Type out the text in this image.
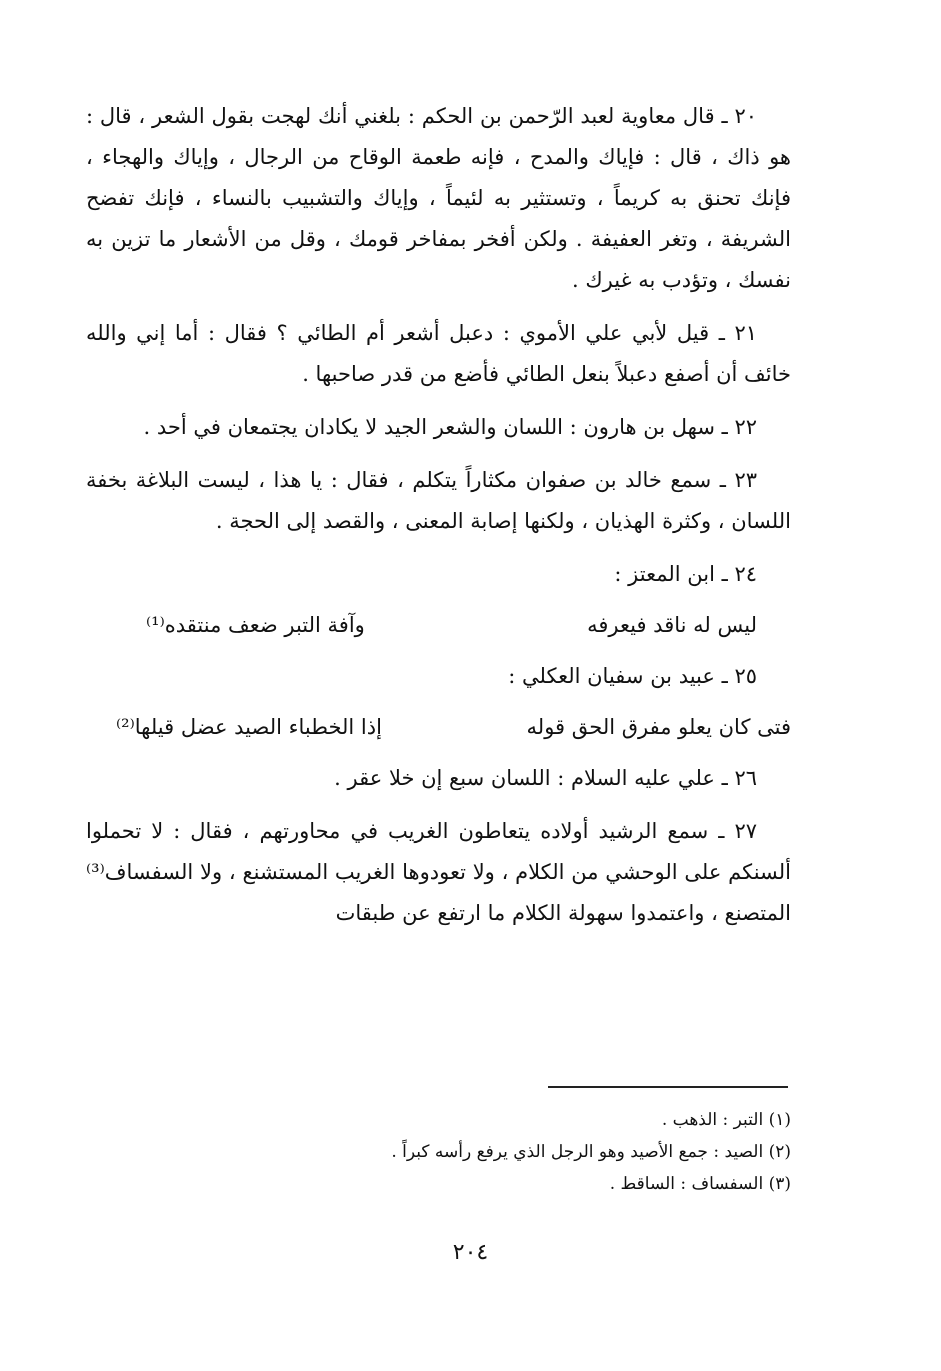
٢٠ ـ قال معاوية لعبد الرّحمن بن الحكم : بلغني أنك لهجت بقول الشعر ، قال : هو ذاك ، قال : فإياك والمدح ، فإنه طعمة الوقاح من الرجال ، وإياك والهجاء ، فإنك تحنق به كريماً ، وتستثير به لئيماً ، وإياك والتشبيب بالنساء ، فإنك تفضح الشريفة ، وتغر العفيفة . ولكن أفخر بمفاخر قومك ، وقل من الأشعار ما تزين به نفسك ، وتؤدب به غيرك .

٢١ ـ قيل لأبي علي الأموي : دعبل أشعر أم الطائي ؟ فقال : أما إني والله خائف أن أصفع دعبلاً بنعل الطائي فأضع من قدر صاحبها .

٢٢ ـ سهل بن هارون : اللسان والشعر الجيد لا يكادان يجتمعان في أحد .

٢٣ ـ سمع خالد بن صفوان مكثاراً يتكلم ، فقال : يا هذا ، ليست البلاغة بخفة اللسان ، وكثرة الهذيان ، ولكنها إصابة المعنى ، والقصد إلى الحجة .

٢٤ ـ ابن المعتز :

ليس له ناقد فيعرفه
وآفة التبر ضعف منتقده⁽¹⁾

٢٥ ـ عبيد بن سفيان العكلي :

فتى كان يعلو مفرق الحق قوله
إذا الخطباء الصيد عضل قيلها⁽²⁾

٢٦ ـ علي عليه السلام : اللسان سبع إن خلا عقر .

٢٧ ـ سمع الرشيد أولاده يتعاطون الغريب في محاورتهم ، فقال : لا تحملوا ألسنكم على الوحشي من الكلام ، ولا تعودوها الغريب المستشنع ، ولا السفساف⁽³⁾ المتصنع ، واعتمدوا سهولة الكلام ما ارتفع عن طبقات

(١) التبر : الذهب .

(٢) الصيد : جمع الأصيد وهو الرجل الذي يرفع رأسه كبراً .

(٣) السفساف : الساقط .

٢٠٤
